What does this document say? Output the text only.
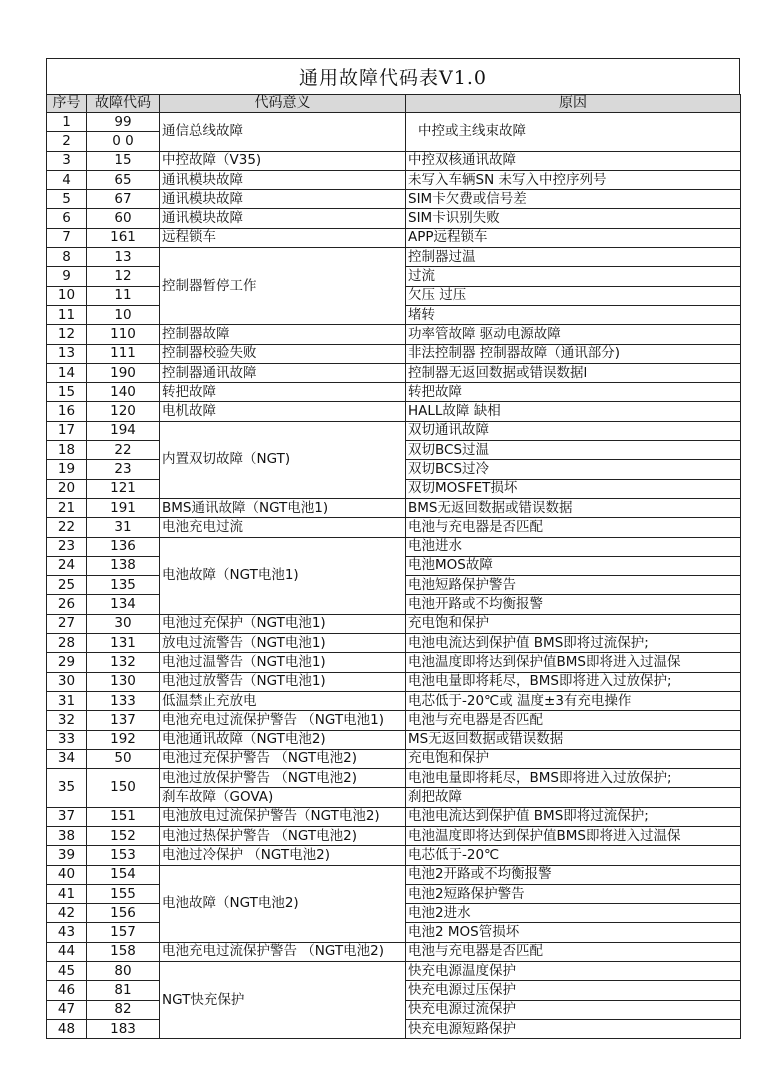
通用故障代码表V1.0
序号	故障代码	代码意义	原因
1	99	通信总线故障	中控或主线束故障
2	0 0		
3	15	中控故障（V35)	中控双核通讯故障
4	65	通讯模块故障	未写入车辆SN 未写入中控序列号
5	67	通讯模块故障	SIM卡欠费或信号差
6	60	通讯模块故障	SIM卡识别失败
7	161	远程锁车	APP远程锁车
8	13	控制器暂停工作	控制器过温
9	12		过流
10	11		欠压 过压
11	10		堵转
12	110	控制器故障	功率管故障 驱动电源故障
13	111	控制器校验失败	非法控制器 控制器故障（通讯部分)
14	190	控制器通讯故障	控制器无返回数据或错误数据l
15	140	转把故障	转把故障
16	120	电机故障	HALL故障 缺相
17	194	内置双切故障（NGT)	双切通讯故障
18	22		双切BCS过温
19	23		双切BCS过冷
20	121		双切MOSFET损坏
21	191	BMS通讯故障（NGT电池1)	BMS无返回数据或错误数据
22	31	电池充电过流	电池与充电器是否匹配
23	136	电池故障（NGT电池1)	电池进水
24	138		电池MOS故障
25	135		电池短路保护警告
26	134		电池开路或不均衡报警
27	30	电池过充保护（NGT电池1)	充电饱和保护
28	131	放电过流警告（NGT电池1)	电池电流达到保护值 BMS即将过流保护;
29	132	电池过温警告（NGT电池1)	电池温度即将达到保护值BMS即将进入过温保
30	130	电池过放警告（NGT电池1)	电池电量即将耗尽，BMS即将进入过放保护;
31	133	低温禁止充放电	电芯低于-20℃或 温度±3有充电操作
32	137	电池充电过流保护警告 （NGT电池1)	电池与充电器是否匹配
33	192	电池通讯故障（NGT电池2)	MS无返回数据或错误数据
34	50	电池过充保护警告 （NGT电池2)	充电饱和保护
35	150	电池过放保护警告 （NGT电池2)	电池电量即将耗尽，BMS即将进入过放保护;
		刹车故障（GOVA)	刹把故障
37	151	电池放电过流保护警告（NGT电池2)	电池电流达到保护值 BMS即将过流保护;
38	152	电池过热保护警告 （NGT电池2)	电池温度即将达到保护值BMS即将进入过温保
39	153	电池过冷保护 （NGT电池2)	电芯低于-20℃
40	154	电池故障（NGT电池2)	电池2开路或不均衡报警
41	155		电池2短路保护警告
42	156		电池2进水
43	157		电池2 MOS管损坏
44	158	电池充电过流保护警告 （NGT电池2)	电池与充电器是否匹配
45	80	NGT快充保护	快充电源温度保护
46	81		快充电源过压保护
47	82		快充电源过流保护
48	183		快充电源短路保护
